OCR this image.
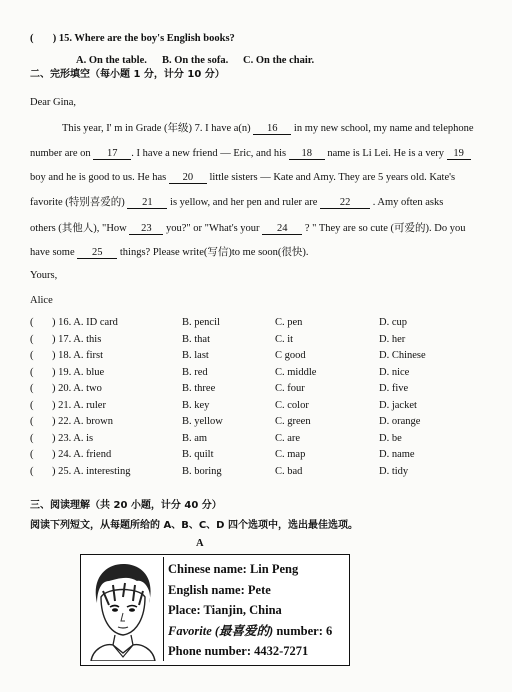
( ) 15. Where are the boy's English books?
A. On the table. B. On the sofa. C. On the chair.
二、完形填空（每小题 1 分，计分 10 分）
Dear Gina,
This year, I' m in Grade (年级) 7. I have a(n) 16 in my new school, my name and telephone
number are on 17 . I have a new friend — Eric, and his 18 name is Li Lei. He is a very 19
boy and he is good to us. He has 20 little sisters — Kate and Amy. They are 5 years old. Kate's
favorite (特别喜爱的) 21 is yellow, and her pen and ruler are 22 . Amy often asks
others (其他人), "How 23 you?" or "What's your 24 ? " They are so cute (可爱的). Do you
have some 25 things? Please write(写信)to me soon(很快).
Yours,
Alice
( ) 16. A. ID card	B. pencil	C. pen	D. cup
( ) 17. A. this	B. that	C. it	D. her
( ) 18. A. first	B. last	C good	D. Chinese
( ) 19. A. blue	B. red	C. middle	D. nice
( ) 20. A. two	B. three	C. four	D. five
( ) 21. A. ruler	B. key	C. color	D. jacket
( ) 22. A. brown	B. yellow	C. green	D. orange
( ) 23. A. is	B. am	C. are	D. be
( ) 24. A. friend	B. quilt	C. map	D. name
( ) 25. A. interesting	B. boring	C. bad	D. tidy
三、阅读理解（共 20 小题，计分 40 分）
阅读下列短文，从每题所给的 A、B、C、D 四个选项中，选出最佳选项。
A
Chinese name: Lin Peng
English name: Pete
Place: Tianjin, China
Favorite (最喜爱的) number: 6
Phone number: 4432-7271
